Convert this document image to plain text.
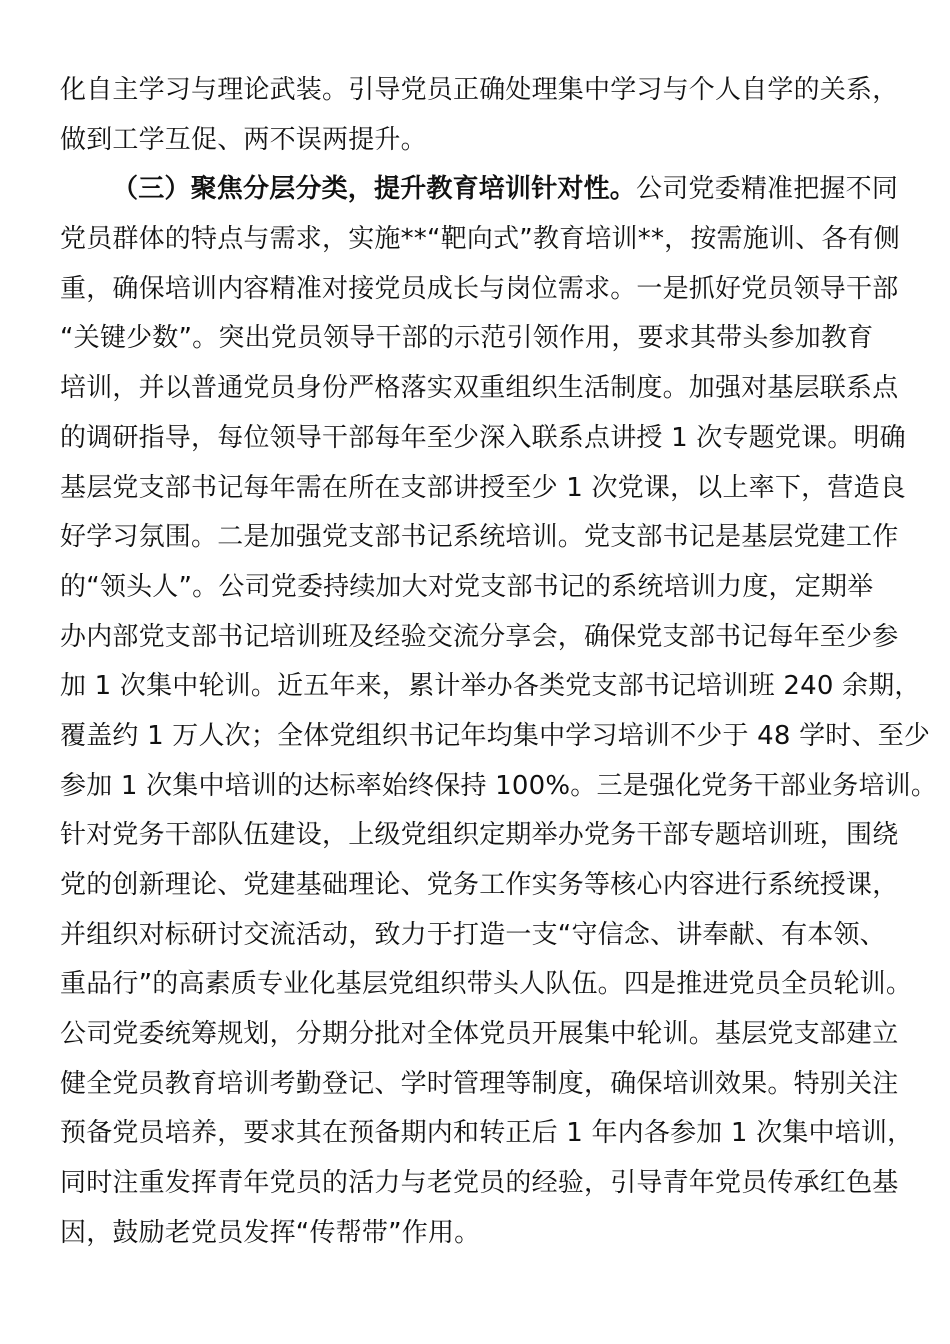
化自主学习与理论武装。引导党员正确处理集中学习与个人自学的关系，
做到工学互促、两不误两提升。
（三）聚焦分层分类，提升教育培训针对性。公司党委精准把握不同
党员群体的特点与需求，实施**“靶向式”教育培训**，按需施训、各有侧
重，确保培训内容精准对接党员成长与岗位需求。一是抓好党员领导干部
“关键少数”。突出党员领导干部的示范引领作用，要求其带头参加教育
培训，并以普通党员身份严格落实双重组织生活制度。加强对基层联系点
的调研指导，每位领导干部每年至少深入联系点讲授 1 次专题党课。明确
基层党支部书记每年需在所在支部讲授至少 1 次党课，以上率下，营造良
好学习氛围。二是加强党支部书记系统培训。党支部书记是基层党建工作
的“领头人”。公司党委持续加大对党支部书记的系统培训力度，定期举
办内部党支部书记培训班及经验交流分享会，确保党支部书记每年至少参
加 1 次集中轮训。近五年来，累计举办各类党支部书记培训班 240 余期，
覆盖约 1 万人次；全体党组织书记年均集中学习培训不少于 48 学时、至少
参加 1 次集中培训的达标率始终保持 100%。三是强化党务干部业务培训。
针对党务干部队伍建设，上级党组织定期举办党务干部专题培训班，围绕
党的创新理论、党建基础理论、党务工作实务等核心内容进行系统授课，
并组织对标研讨交流活动，致力于打造一支“守信念、讲奉献、有本领、
重品行”的高素质专业化基层党组织带头人队伍。四是推进党员全员轮训。
公司党委统筹规划，分期分批对全体党员开展集中轮训。基层党支部建立
健全党员教育培训考勤登记、学时管理等制度，确保培训效果。特别关注
预备党员培养，要求其在预备期内和转正后 1 年内各参加 1 次集中培训，
同时注重发挥青年党员的活力与老党员的经验，引导青年党员传承红色基
因，鼓励老党员发挥“传帮带”作用。
